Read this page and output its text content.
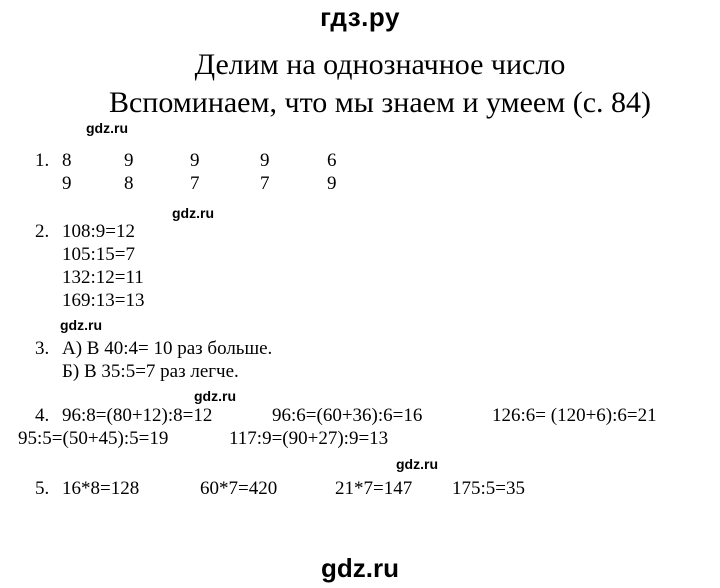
гдз.ру
Делим на однозначное число
Вспоминаем, что мы знаем и умеем (с. 84)
gdz.ru
gdz.ru
gdz.ru
gdz.ru
gdz.ru
1. 8	9	9	9	6
9	8	7	7	9
2. 108:9=12
105:15=7
132:12=11
169:13=13
3. А) В 40:4= 10 раз больше.
Б) В 35:5=7 раз легче.
4. 96:8=(80+12):8=12	96:6=(60+36):6=16	126:6= (120+6):6=21
95:5=(50+45):5=19	117:9=(90+27):9=13
5. 16*8=128	60*7=420	21*7=147 175:5=35
gdz.ru
